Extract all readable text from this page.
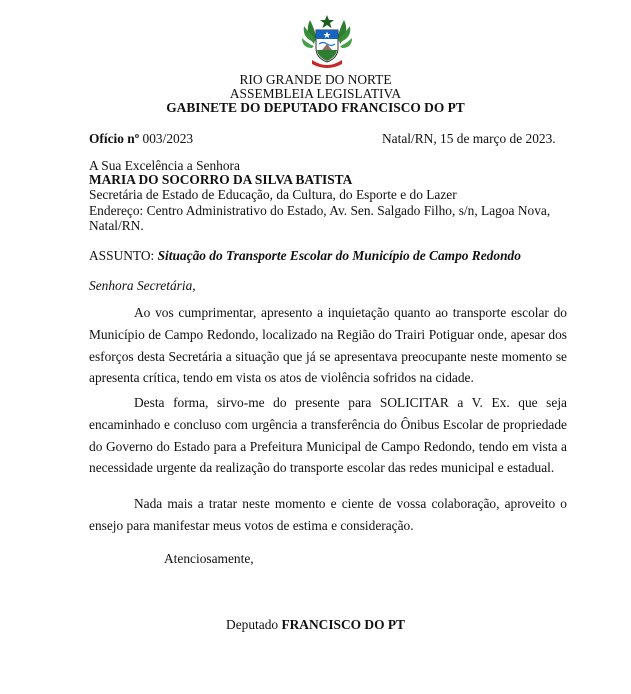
RIO GRANDE DO NORTE
ASSEMBLEIA LEGISLATIVA
GABINETE DO DEPUTADO FRANCISCO DO PT
Ofício nº 003/2023	Natal/RN, 15 de março de 2023.
A Sua Excelência a Senhora
MARIA DO SOCORRO DA SILVA BATISTA
Secretária de Estado de Educação, da Cultura, do Esporte e do Lazer
Endereço: Centro Administrativo do Estado, Av. Sen. Salgado Filho, s/n, Lagoa Nova,
Natal/RN.
ASSUNTO: Situação do Transporte Escolar do Município de Campo Redondo
Senhora Secretária,

Ao vos cumprimentar, apresento a inquietação quanto ao transporte escolar do Município de Campo Redondo, localizado na Região do Trairi Potiguar onde, apesar dos esforços desta Secretária a situação que já se apresentava preocupante neste momento se apresenta crítica, tendo em vista os atos de violência sofridos na cidade.

Desta forma, sirvo-me do presente para SOLICITAR a V. Ex. que seja encaminhado e concluso com urgência a transferência do Ônibus Escolar de propriedade do Governo do Estado para a Prefeitura Municipal de Campo Redondo, tendo em vista a necessidade urgente da realização do transporte escolar das redes municipal e estadual.

Nada mais a tratar neste momento e ciente de vossa colaboração, aproveito o ensejo para manifestar meus votos de estima e consideração.

Atenciosamente,
Deputado FRANCISCO DO PT
